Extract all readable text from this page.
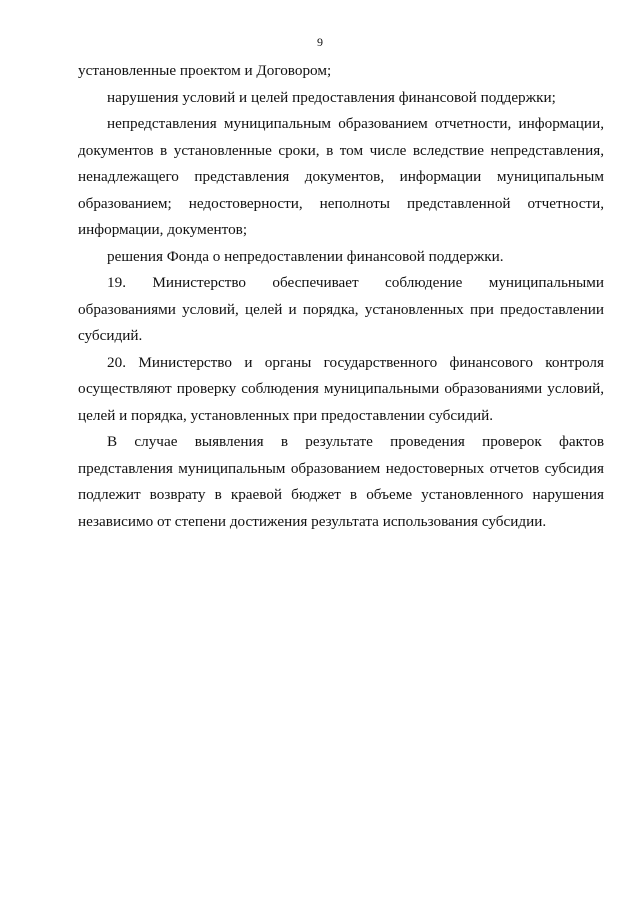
9

установленные проектом и Договором;

нарушения условий и целей предоставления финансовой поддержки;

непредставления муниципальным образованием отчетности, информации, документов в установленные сроки, в том числе вследствие непредставления, ненадлежащего представления документов, информации муниципальным образованием; недостоверности, неполноты представленной отчетности, информации, документов;

решения Фонда о непредоставлении финансовой поддержки.

19. Министерство обеспечивает соблюдение муниципальными образованиями условий, целей и порядка, установленных при предоставлении субсидий.

20. Министерство и органы государственного финансового контроля осуществляют проверку соблюдения муниципальными образованиями условий, целей и порядка, установленных при предоставлении субсидий.

В случае выявления в результате проведения проверок фактов представления муниципальным образованием недостоверных отчетов субсидия подлежит возврату в краевой бюджет в объеме установленного нарушения независимо от степени достижения результата использования субсидии.
